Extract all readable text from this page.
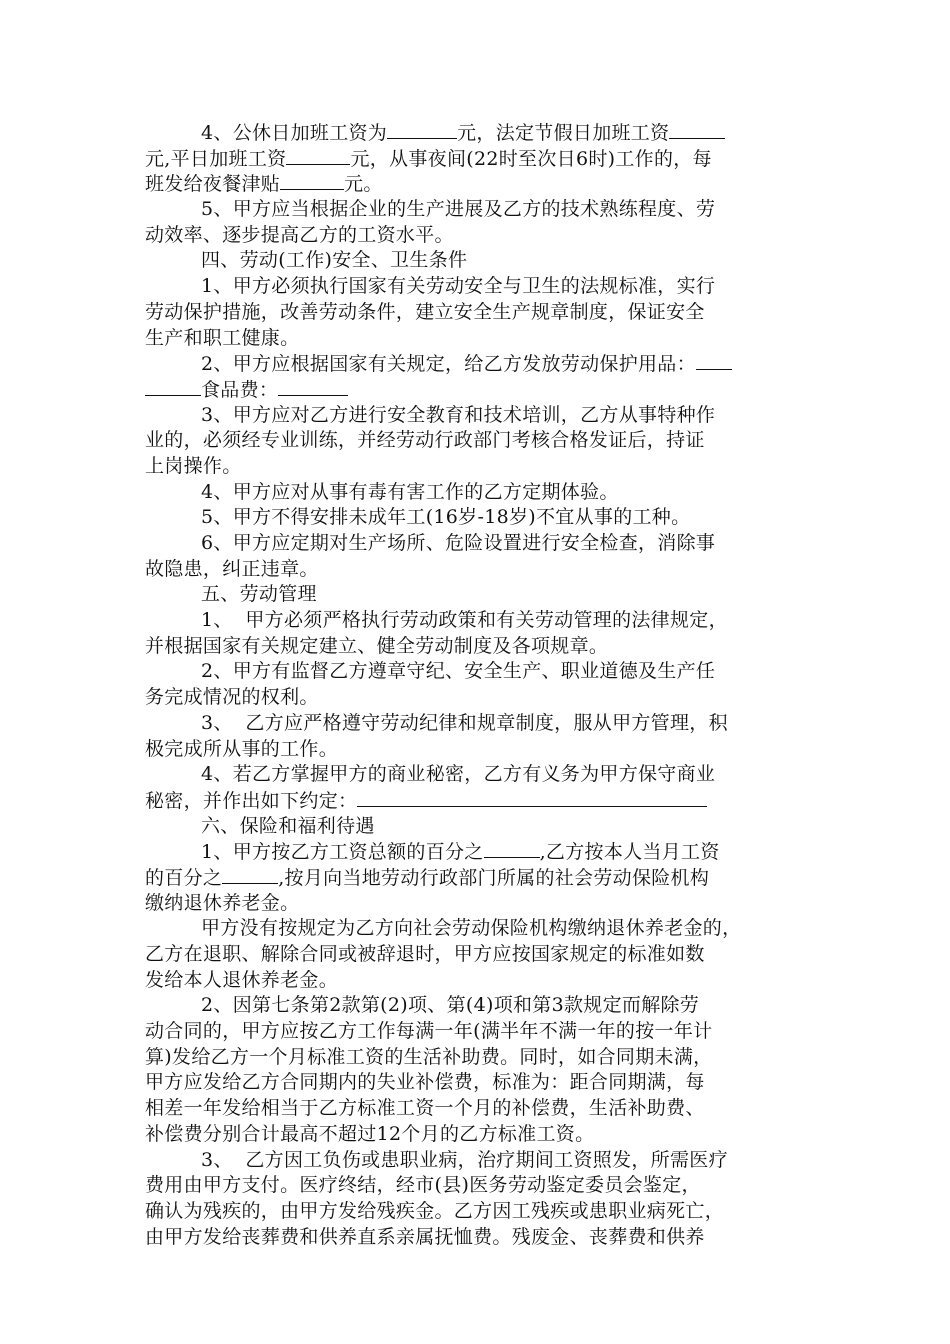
4、公休日加班工资为	元，法定节假日加班工资
元,平日加班工资	元，从事夜间(22时至次日6时)工作的，每
班发给夜餐津贴	元。
5、甲方应当根据企业的生产进展及乙方的技术熟练程度、劳
动效率、逐步提高乙方的工资水平。
四、劳动(工作)安全、卫生条件
1、甲方必须执行国家有关劳动安全与卫生的法规标准，实行
劳动保护措施，改善劳动条件，建立安全生产规章制度，保证安全
生产和职工健康。
2、甲方应根据国家有关规定，给乙方发放劳动保护用品：
食品费：
3、甲方应对乙方进行安全教育和技术培训，乙方从事特种作
业的，必须经专业训练，并经劳动行政部门考核合格发证后，持证
上岗操作。
4、甲方应对从事有毒有害工作的乙方定期体验。
5、甲方不得安排未成年工(16岁-18岁)不宜从事的工种。
6、甲方应定期对生产场所、危险设置进行安全检查，消除事
故隐患，纠正违章。
五、劳动管理
1、  甲方必须严格执行劳动政策和有关劳动管理的法律规定，
并根据国家有关规定建立、健全劳动制度及各项规章。
2、甲方有监督乙方遵章守纪、安全生产、职业道德及生产任
务完成情况的权利。
3、  乙方应严格遵守劳动纪律和规章制度，服从甲方管理，积
极完成所从事的工作。
4、若乙方掌握甲方的商业秘密，乙方有义务为甲方保守商业
秘密，并作出如下约定：
六、保险和福利待遇
1、甲方按乙方工资总额的百分之	,乙方按本人当月工资
的百分之	,按月向当地劳动行政部门所属的社会劳动保险机构
缴纳退休养老金。
甲方没有按规定为乙方向社会劳动保险机构缴纳退休养老金的，
乙方在退职、解除合同或被辞退时，甲方应按国家规定的标准如数
发给本人退休养老金。
2、因第七条第2款第(2)项、第(4)项和第3款规定而解除劳
动合同的，甲方应按乙方工作每满一年(满半年不满一年的按一年计
算)发给乙方一个月标准工资的生活补助费。同时，如合同期未满，
甲方应发给乙方合同期内的失业补偿费，标准为：距合同期满，每
相差一年发给相当于乙方标准工资一个月的补偿费，生活补助费、
补偿费分别合计最高不超过12个月的乙方标准工资。
3、  乙方因工负伤或患职业病，治疗期间工资照发，所需医疗
费用由甲方支付。医疗终结，经市(县)医务劳动鉴定委员会鉴定，
确认为残疾的，由甲方发给残疾金。乙方因工残疾或患职业病死亡，
由甲方发给丧葬费和供养直系亲属抚恤费。残废金、丧葬费和供养
